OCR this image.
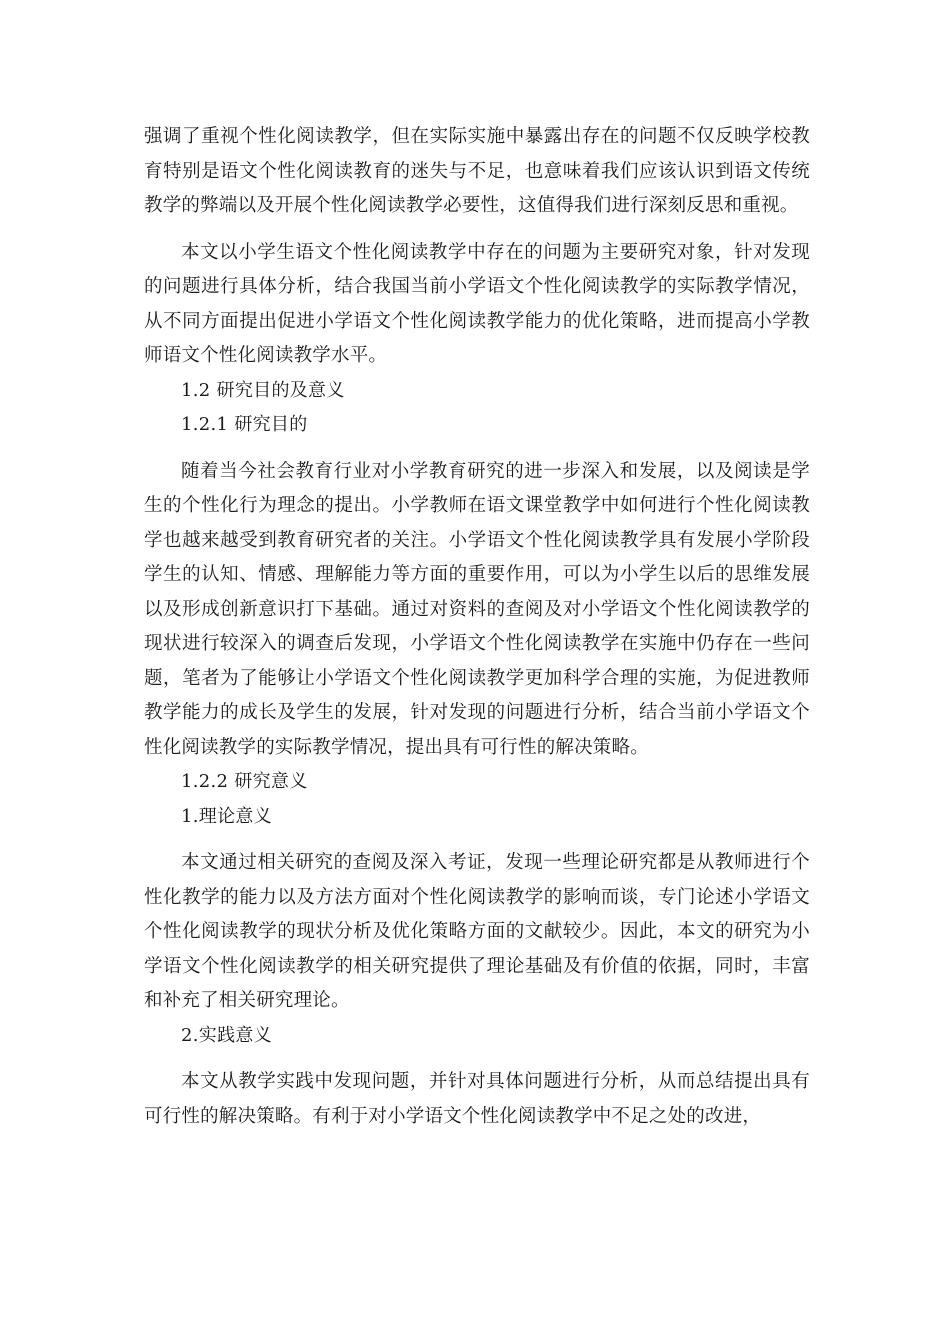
强调了重视个性化阅读教学，但在实际实施中暴露出存在的问题不仅反映学校教育特别是语文个性化阅读教育的迷失与不足，也意味着我们应该认识到语文传统教学的弊端以及开展个性化阅读教学必要性，这值得我们进行深刻反思和重视。

本文以小学生语文个性化阅读教学中存在的问题为主要研究对象，针对发现的问题进行具体分析，结合我国当前小学语文个性化阅读教学的实际教学情况，从不同方面提出促进小学语文个性化阅读教学能力的优化策略，进而提高小学教师语文个性化阅读教学水平。

1.2 研究目的及意义

1.2.1 研究目的

随着当今社会教育行业对小学教育研究的进一步深入和发展，以及阅读是学生的个性化行为理念的提出。小学教师在语文课堂教学中如何进行个性化阅读教学也越来越受到教育研究者的关注。小学语文个性化阅读教学具有发展小学阶段学生的认知、情感、理解能力等方面的重要作用，可以为小学生以后的思维发展以及形成创新意识打下基础。通过对资料的查阅及对小学语文个性化阅读教学的现状进行较深入的调查后发现，小学语文个性化阅读教学在实施中仍存在一些问题，笔者为了能够让小学语文个性化阅读教学更加科学合理的实施，为促进教师教学能力的成长及学生的发展，针对发现的问题进行分析，结合当前小学语文个性化阅读教学的实际教学情况，提出具有可行性的解决策略。

1.2.2 研究意义

1.理论意义

本文通过相关研究的查阅及深入考证，发现一些理论研究都是从教师进行个性化教学的能力以及方法方面对个性化阅读教学的影响而谈，专门论述小学语文个性化阅读教学的现状分析及优化策略方面的文献较少。因此，本文的研究为小学语文个性化阅读教学的相关研究提供了理论基础及有价值的依据，同时，丰富和补充了相关研究理论。

2.实践意义

本文从教学实践中发现问题，并针对具体问题进行分析，从而总结提出具有可行性的解决策略。有利于对小学语文个性化阅读教学中不足之处的改进，
